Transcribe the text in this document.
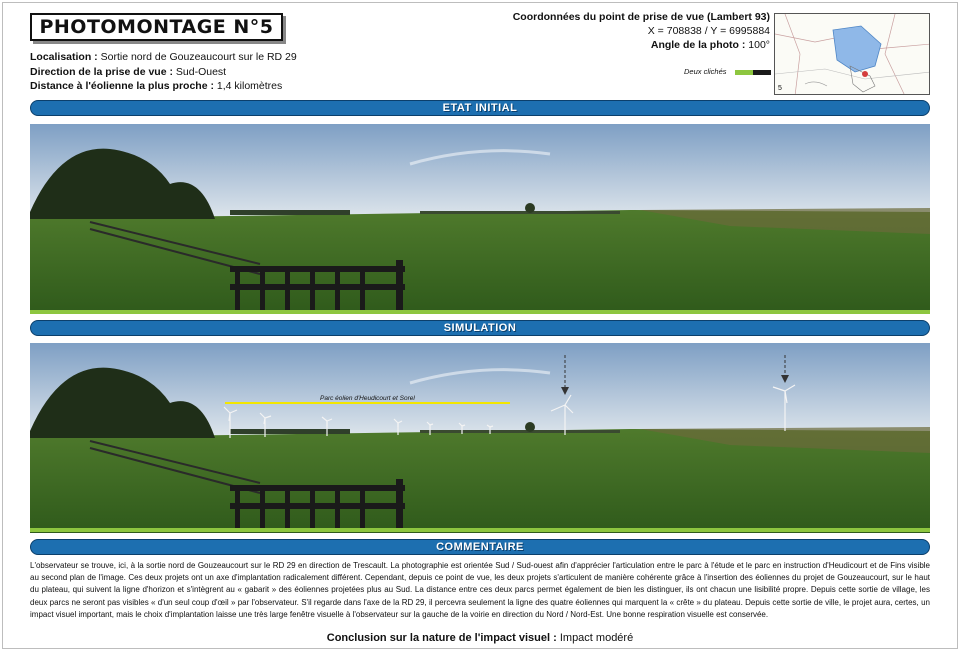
PHOTOMONTAGE N°5
Localisation : Sortie nord de Gouzeaucourt sur le RD 29
Direction de la prise de vue : Sud-Ouest
Distance à l'éolienne la plus proche : 1,4 kilomètres
Coordonnées du point de prise de vue (Lambert 93)
X = 708838 / Y = 6995884
Angle de la photo : 100°
Deux clichés
5
ETAT INITIAL
SIMULATION
Parc éolien d'Heudicourt et Sorel
COMMENTAIRE
L'observateur se trouve, ici, à la sortie nord de Gouzeaucourt sur le RD 29 en direction de Trescault. La photographie est orientée Sud / Sud-ouest afin d'apprécier l'articulation entre le parc à l'étude et le parc en instruction d'Heudicourt et de Fins visible au second plan de l'image. Ces deux projets ont un axe d'implantation radicalement différent. Cependant, depuis ce point de vue, les deux projets s'articulent de manière cohérente grâce à l'insertion des éoliennes du projet de Gouzeaucourt, sur le haut du plateau, qui suivent la ligne d'horizon et s'intègrent au « gabarit » des éoliennes projetées plus au Sud. La distance entre ces deux parcs permet également de bien les distinguer, ils ont chacun une lisibilité propre. Depuis cette sortie de village, les deux parcs ne seront pas visibles « d'un seul coup d'œil » par l'observateur. S'il regarde dans l'axe de la RD 29, il percevra seulement la ligne des quatre éoliennes qui marquent la « crête » du plateau. Depuis cette sortie de ville, le projet aura, certes, un impact visuel important, mais le choix d'implantation laisse une très large fenêtre visuelle à l'observateur sur la gauche de la voirie en direction du Nord / Nord-Est. Une bonne respiration visuelle est conservée.
Conclusion sur la nature de l'impact visuel : Impact modéré
